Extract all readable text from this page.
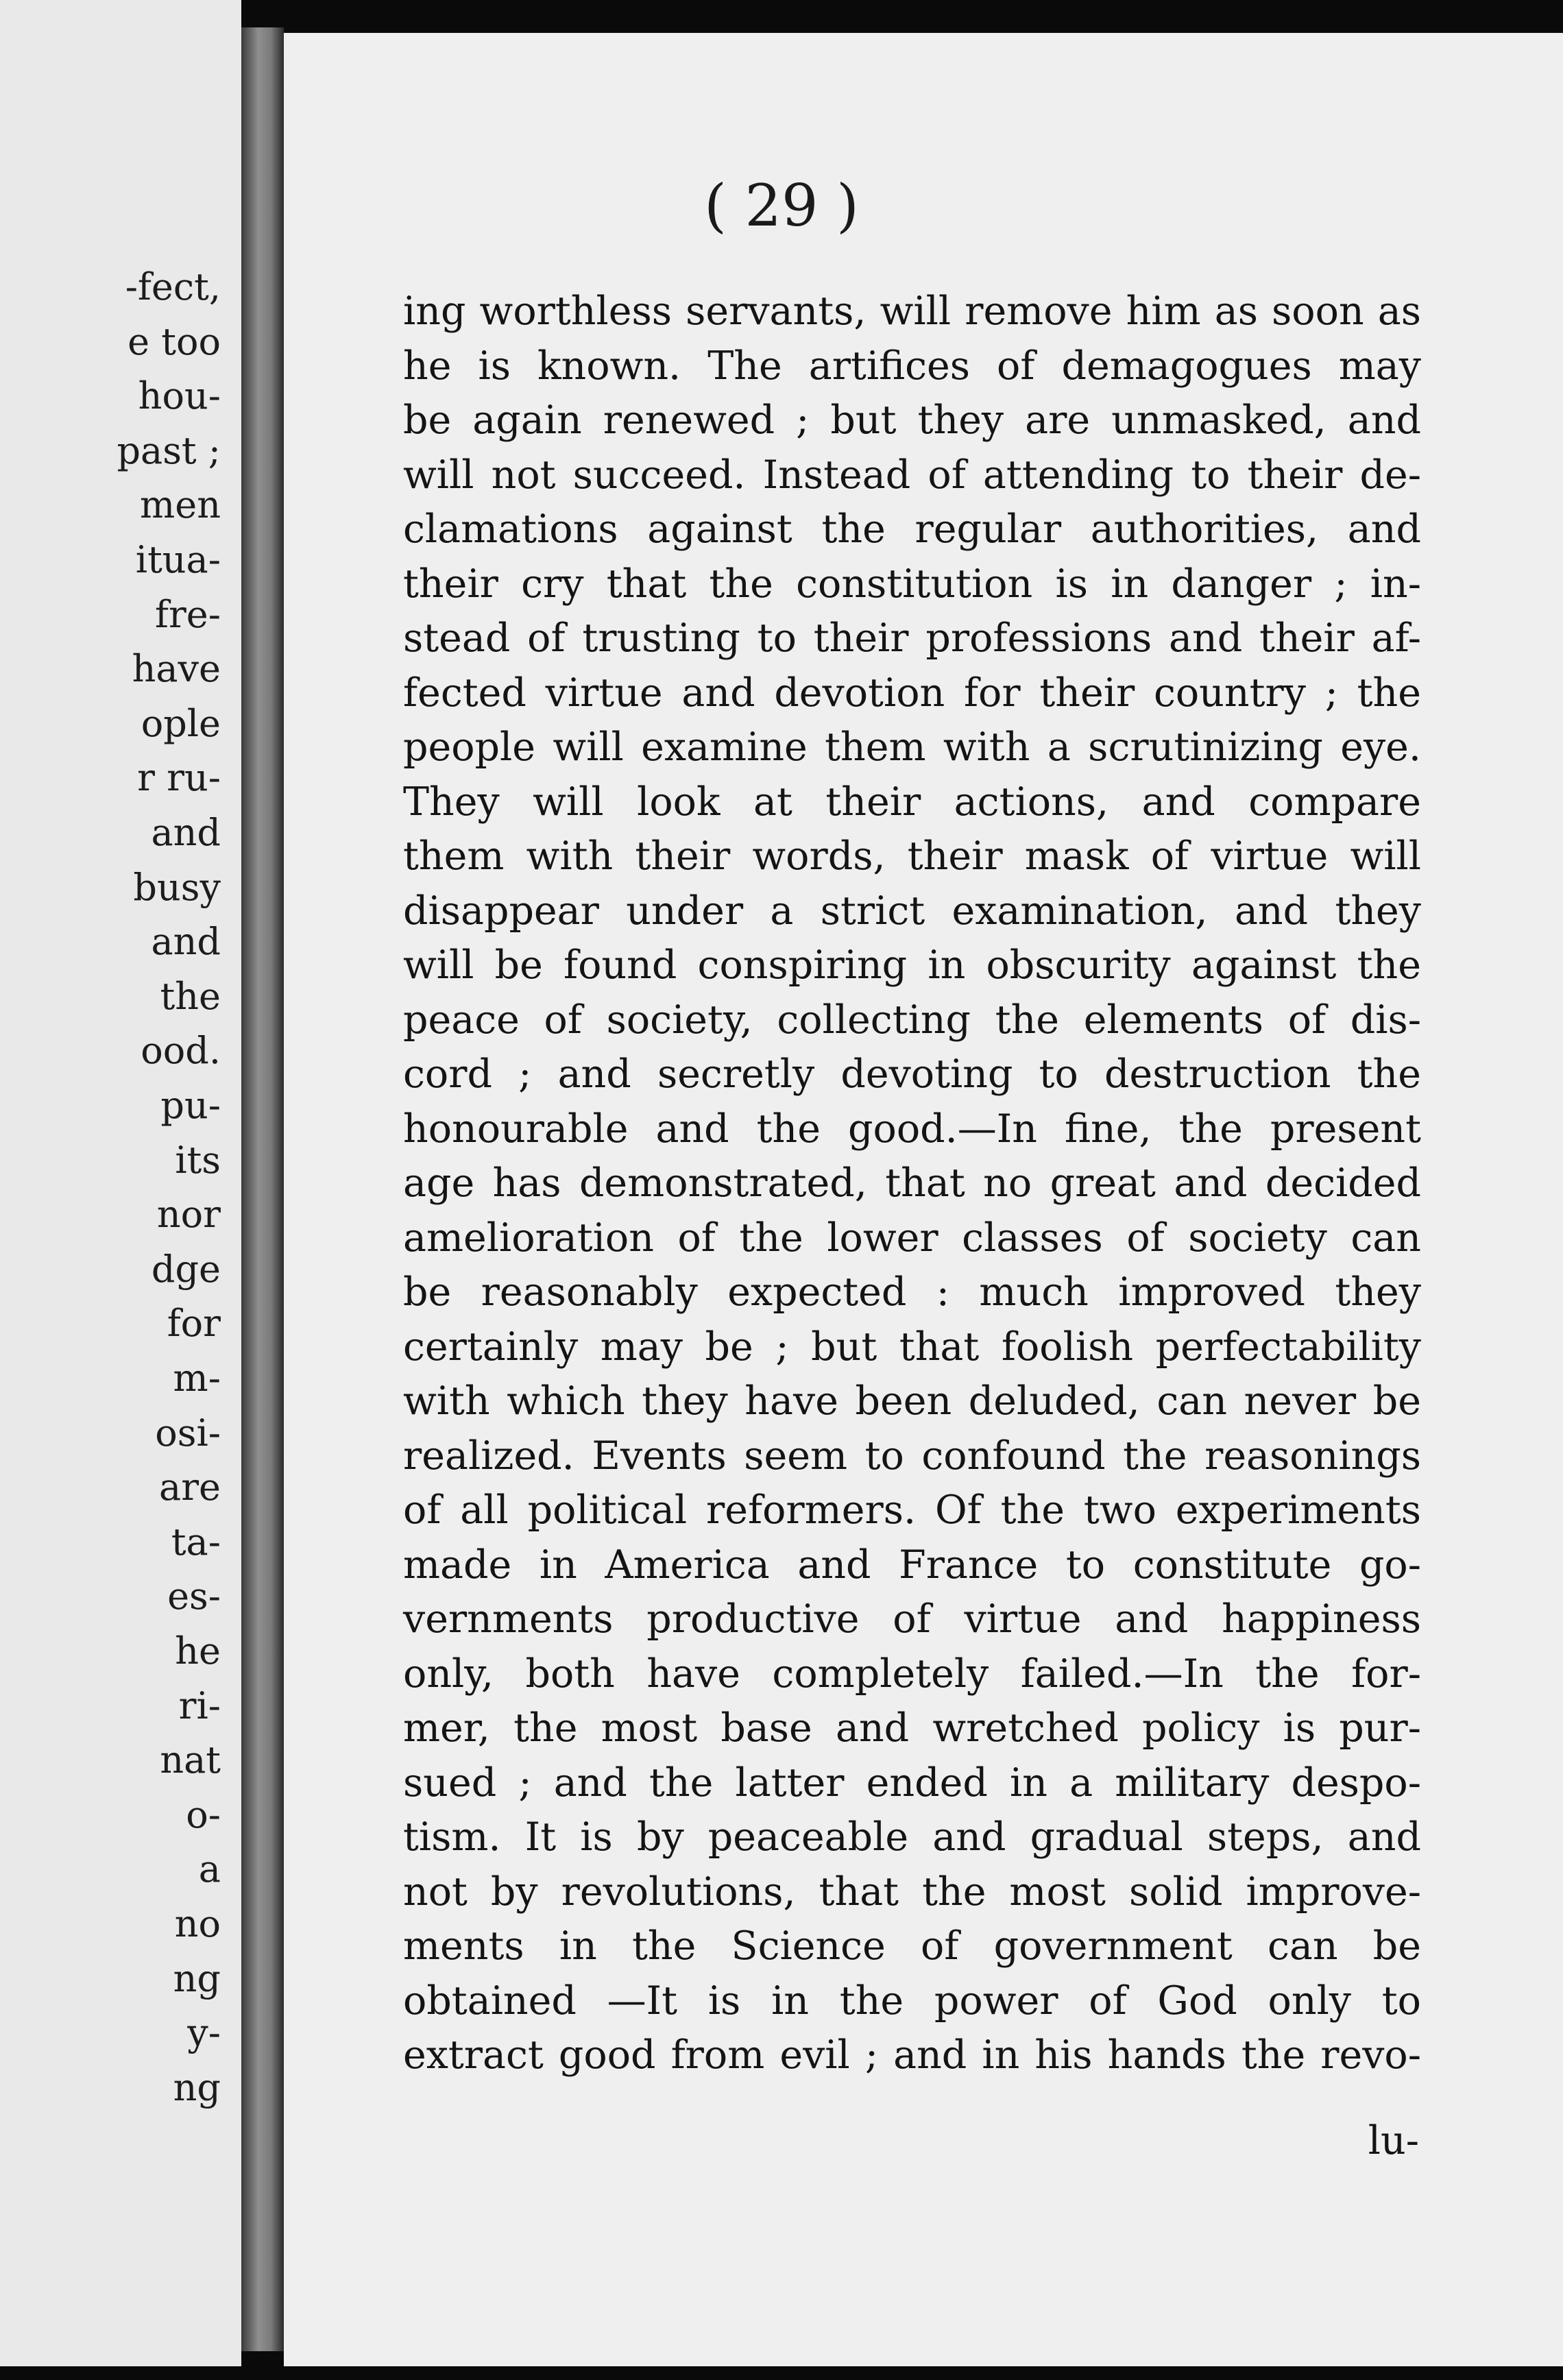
-fect,
e too
hou-
past ;
men
itua-
fre-
have
ople
r ru-
and
busy
and
the
ood.
pu-
its
nor
dge
for
m-
osi-
are
ta-
es-
he
ri-
nat
o-
a
no
ng
y-
ng
( 29 )
ing worthless servants, will remove him as soon as
he is known. The artifices of demagogues may
be again renewed ; but they are unmasked, and
will not succeed. Instead of attending to their de-
clamations against the regular authorities, and
their cry that the constitution is in danger ; in-
stead of trusting to their professions and their af-
fected virtue and devotion for their country ; the
people will examine them with a scrutinizing eye.
They will look at their actions, and compare
them with their words, their mask of virtue will
disappear under a strict examination, and they
will be found conspiring in obscurity against the
peace of society, collecting the elements of dis-
cord ; and secretly devoting to destruction the
honourable and the good.—In fine, the present
age has demonstrated, that no great and decided
amelioration of the lower classes of society can
be reasonably expected : much improved they
certainly may be ; but that foolish perfectability
with which they have been deluded, can never be
realized. Events seem to confound the reasonings
of all political reformers. Of the two experiments
made in America and France to constitute go-
vernments productive of virtue and happiness
only, both have completely failed.—In the for-
mer, the most base and wretched policy is pur-
sued ; and the latter ended in a military despo-
tism. It is by peaceable and gradual steps, and
not by revolutions, that the most solid improve-
ments in the Science of government can be
obtained —It is in the power of God only to
extract good from evil ; and in his hands the revo-
lu-
